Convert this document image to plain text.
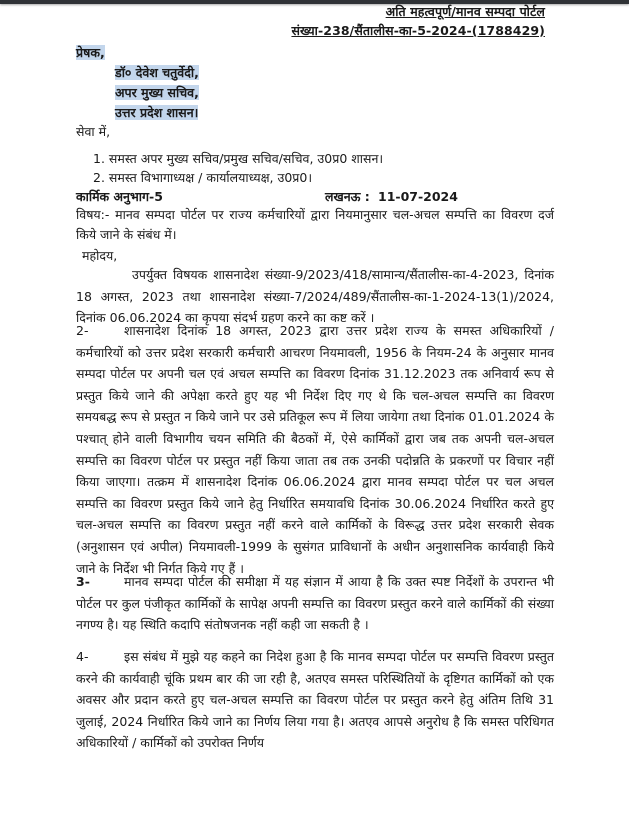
अति महत्वपूर्ण/मानव सम्पदा पोर्टल
संख्या-238/सैंतालीस-का-5-2024-(1788429)
प्रेषक,
डॉ० देवेश चतुर्वेदी,
अपर मुख्य सचिव,
उत्तर प्रदेश शासन।
सेवा में,
1. समस्त अपर मुख्य सचिव/प्रमुख सचिव/सचिव, उ0प्र0 शासन।
2. समस्त विभागाध्यक्ष / कार्यालयाध्यक्ष, उ0प्र0।
कार्मिक अनुभाग-5	लखनऊ : 11-07-2024
विषय:- मानव सम्पदा पोर्टल पर राज्य कर्मचारियों द्वारा नियमानुसार चल-अचल सम्पत्ति का विवरण दर्ज किये जाने के संबंध में।
महोदय,
उपर्युक्त विषयक शासनादेश संख्या-9/2023/418/सामान्य/सैंतालीस-का-4-2023, दिनांक 18 अगस्त, 2023 तथा शासनादेश संख्या-7/2024/489/सैंतालीस-का-1-2024-13(1)/2024, दिनांक 06.06.2024 का कृपया संदर्भ ग्रहण करने का कष्ट करें ।
2-	शासनादेश दिनांक 18 अगस्त, 2023 द्वारा उत्तर प्रदेश राज्य के समस्त अधिकारियों / कर्मचारियों को उत्तर प्रदेश सरकारी कर्मचारी आचरण नियमावली, 1956 के नियम-24 के अनुसार मानव सम्पदा पोर्टल पर अपनी चल एवं अचल सम्पत्ति का विवरण दिनांक 31.12.2023 तक अनिवार्य रूप से प्रस्तुत किये जाने की अपेक्षा करते हुए यह भी निर्देश दिए गए थे कि चल-अचल सम्पत्ति का विवरण समयबद्ध रूप से प्रस्तुत न किये जाने पर उसे प्रतिकूल रूप में लिया जायेगा तथा दिनांक 01.01.2024 के पश्चात् होने वाली विभागीय चयन समिति की बैठकों में, ऐसे कार्मिकों द्वारा जब तक अपनी चल-अचल सम्पत्ति का विवरण पोर्टल पर प्रस्तुत नहीं किया जाता तब तक उनकी पदोन्नति के प्रकरणों पर विचार नहीं किया जाएगा। तत्क्रम में शासनादेश दिनांक 06.06.2024 द्वारा मानव सम्पदा पोर्टल पर चल अचल सम्पत्ति का विवरण प्रस्तुत किये जाने हेतु निर्धारित समयावधि दिनांक 30.06.2024 निर्धारित करते हुए चल-अचल सम्पत्ति का विवरण प्रस्तुत नहीं करने वाले कार्मिकों के विरूद्ध उत्तर प्रदेश सरकारी सेवक (अनुशासन एवं अपील) नियमावली-1999 के सुसंगत प्राविधानों के अधीन अनुशासनिक कार्यवाही किये जाने के निर्देश भी निर्गत किये गए हैं ।
3-	मानव सम्पदा पोर्टल की समीक्षा में यह संज्ञान में आया है कि उक्त स्पष्ट निर्देशों के उपरान्त भी पोर्टल पर कुल पंजीकृत कार्मिकों के सापेक्ष अपनी सम्पत्ति का विवरण प्रस्तुत करने वाले कार्मिकों की संख्या नगण्य है। यह स्थिति कदापि संतोषजनक नहीं कही जा सकती है ।
4-	इस संबंध में मुझे यह कहने का निदेश हुआ है कि मानव सम्पदा पोर्टल पर सम्पत्ति विवरण प्रस्तुत करने की कार्यवाही चूंकि प्रथम बार की जा रही है, अतएव समस्त परिस्थितियों के दृष्टिगत कार्मिकों को एक अवसर और प्रदान करते हुए चल-अचल सम्पत्ति का विवरण पोर्टल पर प्रस्तुत करने हेतु अंतिम तिथि 31 जुलाई, 2024 निर्धारित किये जाने का निर्णय लिया गया है। अतएव आपसे अनुरोध है कि समस्त परिधिगत अधिकारियों / कार्मिकों को उपरोक्त निर्णय
